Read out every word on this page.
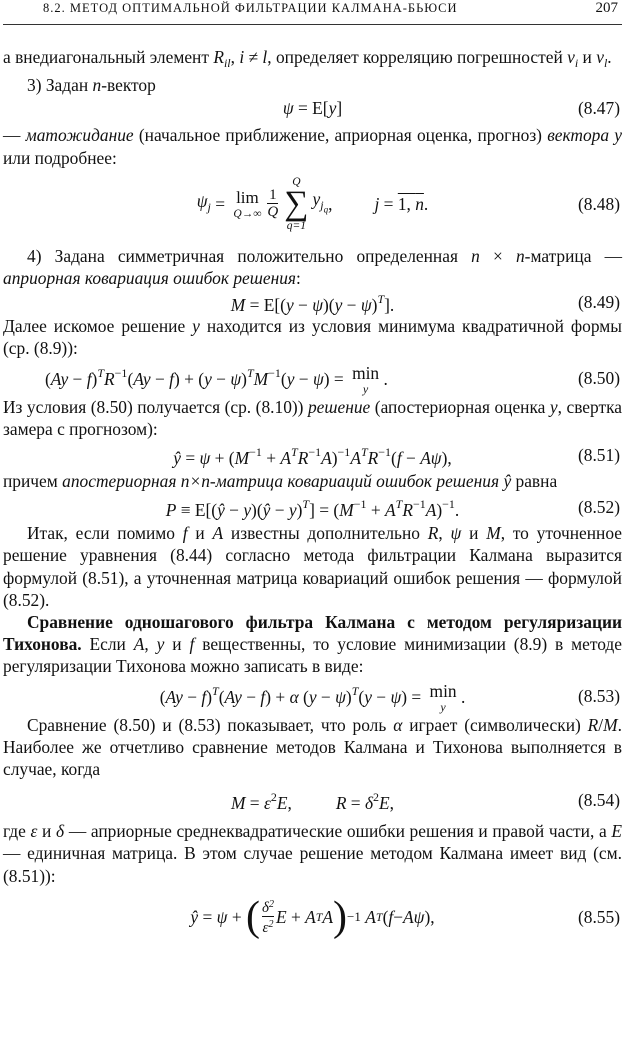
8.2. МЕТОД ОПТИМАЛЬНОЙ ФИЛЬТРАЦИИ КАЛМАНА-БЬЮСИ	207

а внедиагональный элемент $R_{il}$, i ≠ l, определяет корреляцию погрешностей $v_i$ и $v_l$.

3) Задан n-вектор

ψ = E[y]	(8.47)

— матожидание (начальное приближение, априорная оценка, прогноз) вектора y или подробнее:

$\psi_j = \lim$
$Q\to\infty \frac{1}{Q}$
Q
∑
q=1
$y_{j_q}$ , j = 1, n .	(8.48)

4) Задана симметричная положительно определенная n × n-матрица — априорная ковариация ошибок решения:

$M = E[(y - \psi)(y - \psi)^T]$.	(8.49)

Далее искомое решение y находится из условия минимума квадратичной формы (ср. (8.9)):

$(Ay - f)^TR^{-1}(Ay - f) + (y - \psi)^TM^{-1}(y - \psi) = \min$
y
.	(8.50)

Из условия (8.50) получается (ср. (8.10)) решение (апостериорная оценка y, свертка замера с прогнозом):

ŷ = $\psi + (M^{-1} + A^TR^{-1}A)^{-1}A^TR^{-1}(f - A\psi)$,	(8.51)

причем апостериорная n×n-матрица ковариаций ошибок решения ŷ равна

P ≡ E[(ŷ − y)(ŷ − $y)^T] = (M^{-1} + A^TR^{-1}A)^{-1}$.	(8.52)

Итак, если помимо f и A известны дополнительно R, ψ и M, то уточненное решение уравнения (8.44) согласно метода фильтрации Калмана выразится формулой (8.51), а уточненная матрица ковариаций ошибок решения — формулой (8.52).

Сравнение одношагового фильтра Калмана с методом регуляризации Тихонова. Если A, y и f вещественны, то условие минимизации (8.9) в методе регуляризации Тихонова можно записать в виде:

$(Ay - f)^T(Ay - f) + \alpha$ $(y - \psi)^T(y - \psi) = \min$
y
.	(8.53)

Сравнение (8.50) и (8.53) показывает, что роль α играет (символически) R/M. Наиболее же отчетливо сравнение методов Калмана и Тихонова выполняется в случае, когда

$M = \varepsilon^2E$,	$R = \delta^2E$,	(8.54)

где ε и δ — априорные среднеквадратические ошибки решения и правой части, а E — единичная матрица. В этом случае решение методом Калмана имеет вид (см. (8.51)):

ŷ = ψ + ( $\frac{\delta^2}{\varepsilon^2}$ E + A T A ) −1
A T ( f − Aψ ),	(8.55)
